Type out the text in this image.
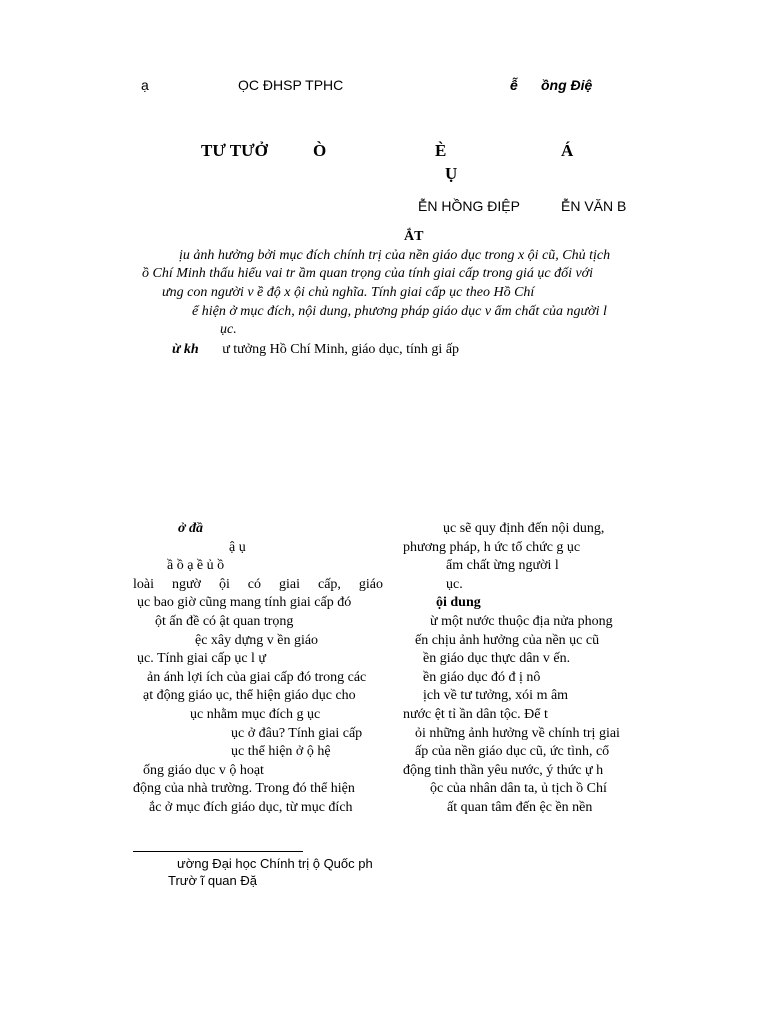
ạ	ỌC ĐHSP TPHC	ễ ồng Điệ
TƯ TƯỞ	Ò	È	Á
Ụ
ỄN HỒNG ĐIỆP	ỄN VĂN B
ẮT
ịu ảnh hưởng bởi mục đích chính trị của nền giáo dục trong x ội cũ, Chủ tịch
ồ Chí Minh thấu hiểu vai tr ầm quan trọng của tính giai cấp trong giá ục đối với
ưng con người v ề độ x ội chủ nghĩa. Tính giai cấp ục theo Hồ Chí
ể hiện ở mục đích, nội dung, phương pháp giáo dục v ẩm chất của người l
ục.
ừ kh ư tưởng Hồ Chí Minh, giáo dục, tính gi ấp
ở đầ
ậ ụ
ầ ồ ạ ề ủ ồ
loài ngườ ội có giai cấp, giáo
ục bao giờ cũng mang tính giai cấp đó
ột ấn đề có ật quan trọng
ệc xây dựng v ền giáo
ục. Tính giai cấp ục l ự
ản ánh lợi ích của giai cấp đó trong các
ạt động giáo ục, thể hiện giáo dục cho
ục nhằm mục đích g ục
ục ở đâu? Tính giai cấp
ục thể hiện ở ộ hệ
ống giáo dục v ộ hoạt
động của nhà trường. Trong đó thể hiện
ắc ở mục đích giáo dục, từ mục đích
ục sẽ quy định đến nội dung,
phương pháp, h ức tổ chức g ục
ẩm chất ừng người l
ục.
ội dung
ừ một nước thuộc địa nửa phong
ến chịu ảnh hưởng của nền ục cũ
ền giáo dục thực dân v ến.
ền giáo dục đó đ ị nô
ịch về tư tưởng, xói m âm
nước ệt tỉ ần dân tộc. Để t
ỏi những ảnh hưởng về chính trị giai
ấp của nền giáo dục cũ, ức tình, cổ
động tinh thần yêu nước, ý thức ự h
ộc của nhân dân ta, ủ tịch ồ Chí
ất quan tâm đến ệc ền nền
ường Đại học Chính trị ộ Quốc ph
Trườ ĩ quan Đặ
